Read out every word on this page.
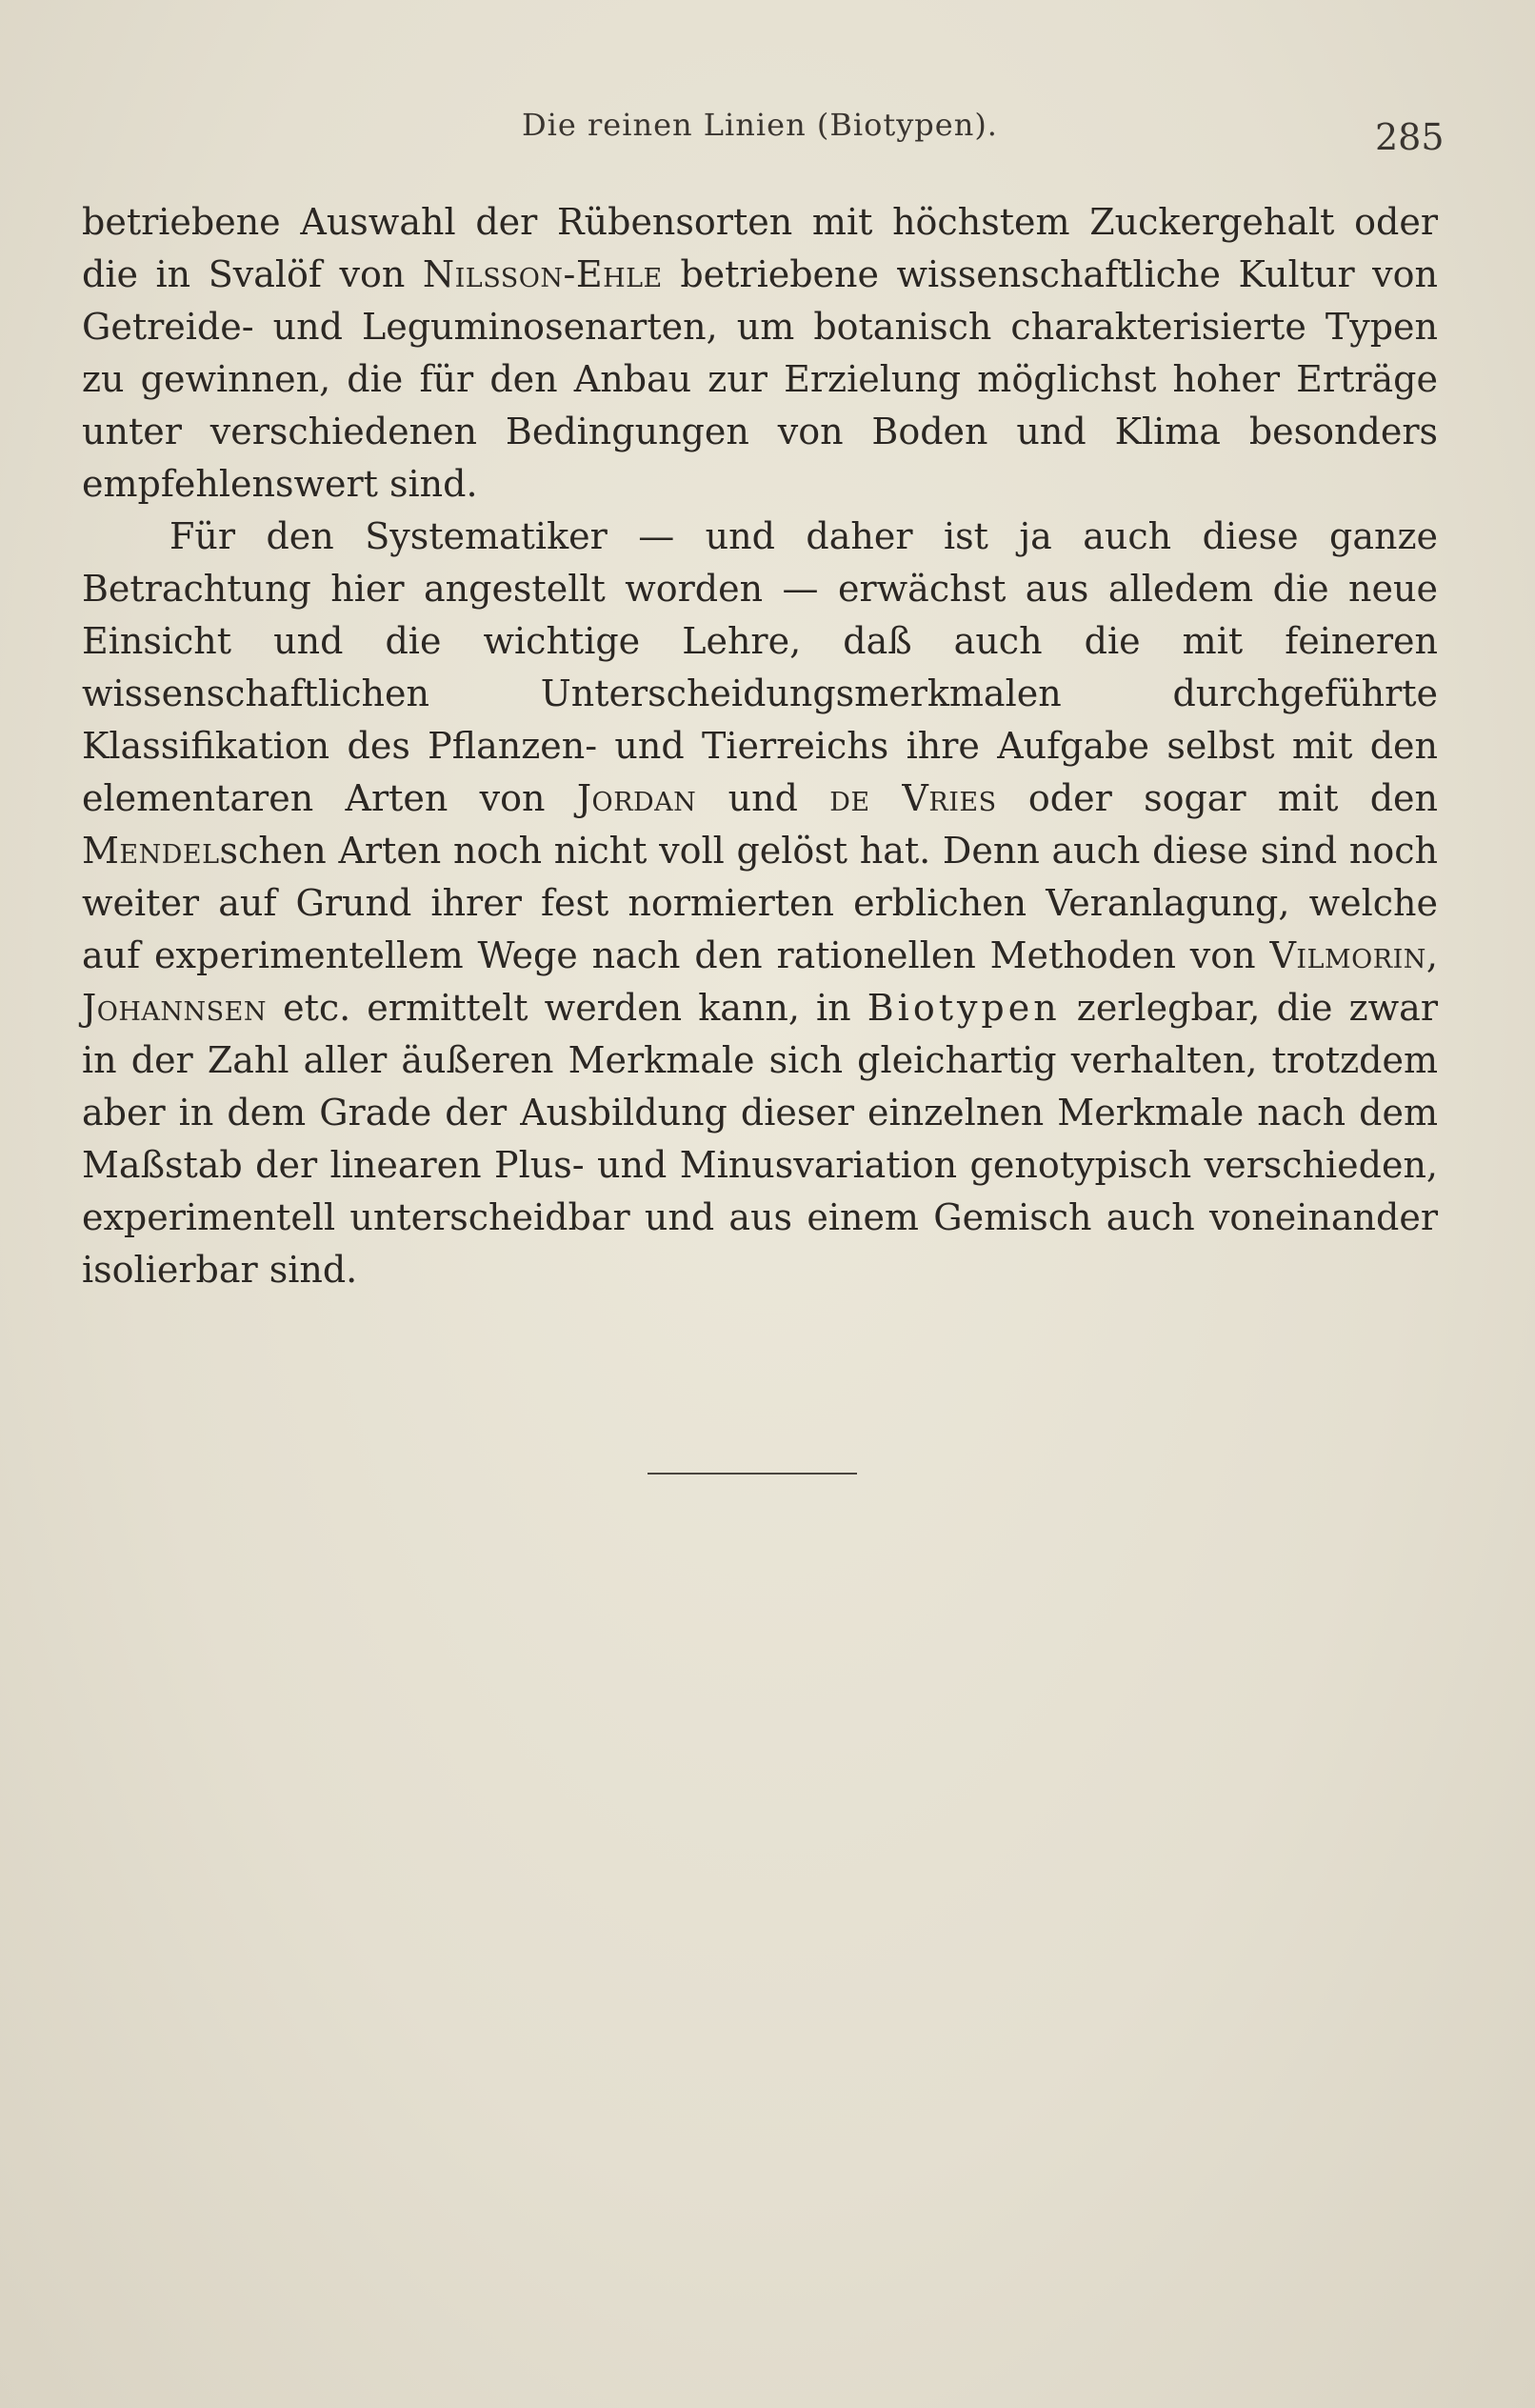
Die reinen Linien (Biotypen).	285

betriebene Auswahl der Rübensorten mit höchstem Zuckergehalt oder die in Svalöf von Nilsson-Ehle betriebene wissenschaftliche Kultur von Getreide- und Leguminosenarten, um botanisch charakterisierte Typen zu gewinnen, die für den Anbau zur Erzielung möglichst hoher Erträge unter verschiedenen Bedingungen von Boden und Klima besonders empfehlenswert sind.

Für den Systematiker — und daher ist ja auch diese ganze Betrachtung hier angestellt worden — erwächst aus alledem die neue Einsicht und die wichtige Lehre, daß auch die mit feineren wissenschaftlichen Unterscheidungsmerkmalen durchgeführte Klassifikation des Pflanzen- und Tierreichs ihre Aufgabe selbst mit den elementaren Arten von Jordan und de Vries oder sogar mit den Mendelschen Arten noch nicht voll gelöst hat. Denn auch diese sind noch weiter auf Grund ihrer fest normierten erblichen Veranlagung, welche auf experimentellem Wege nach den rationellen Methoden von Vilmorin, Johannsen etc. ermittelt werden kann, in Biotypen zerlegbar, die zwar in der Zahl aller äußeren Merkmale sich gleichartig verhalten, trotzdem aber in dem Grade der Ausbildung dieser einzelnen Merkmale nach dem Maßstab der linearen Plus- und Minusvariation genotypisch verschieden, experimentell unterscheidbar und aus einem Gemisch auch voneinander isolierbar sind.
